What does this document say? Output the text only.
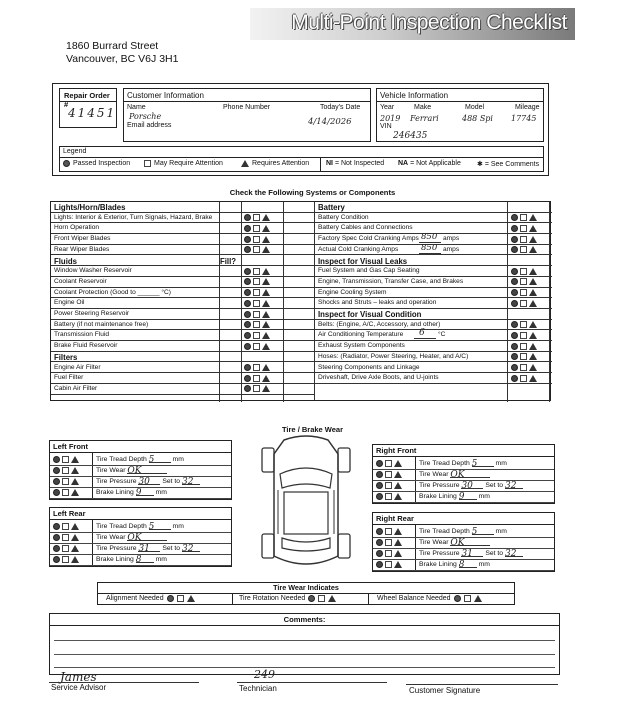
Multi-Point Inspection Checklist
1860 Burrard Street
Vancouver, BC V6J 3H1
Repair Order #
41451
Customer Information
Name
Porsche
Phone Number	Today's Date
4/14/2026
Email address
Vehicle Information
Year
2019
Make
Ferrari
Model
488 Spi
Mileage
17745
VIN
246435
Legend
Passed Inspection	May Require Attention	Requires Attention NI = Not Inspected NA = Not Applicable ✱ = See Comments
Check the Following Systems or Components
Lights/Horn/Blades
Lights: Interior & Exterior, Turn Signals, Hazard, Brake
Horn Operation
Front Wiper Blades
Rear Wiper Blades
Fluids	Fill?
Window Washer Reservoir
Coolant Reservoir
Coolant Protection (Good to ______ °C)
Engine Oil
Power Steering Reservoir
Battery (if not maintenance free)
Transmission Fluid
Brake Fluid Reservoir
Filters
Engine Air Filter
Fuel Filter
Cabin Air Filter
Battery
Battery Condition
Battery Cables and Connections
Factory Spec Cold Cranking Amps 850 amps
Actual Cold Cranking Amps	850 amps
Inspect for Visual Leaks
Fuel System and Gas Cap Seating
Engine, Transmission, Transfer Case, and Brakes
Engine Cooling System
Shocks and Struts – leaks and operation
Inspect for Visual Condition
Belts: (Engine, A/C, Accessory, and other)
Air Conditioning Temperature 6 °C
Exhaust System Components
Hoses: (Radiator, Power Steering, Heater, and A/C)
Steering Components and Linkage
Driveshaft, Drive Axle Boots, and U-joints
Tire / Brake Wear
Left Front
Tire Tread Depth 5	mm
Tire Wear OK
Tire Pressure 30 Set to 32
Brake Lining 9 mm
Right Front
Tire Tread Depth 5	mm
Tire Wear OK
Tire Pressure 30 Set to 32
Brake Lining 9 mm
Left Rear
Tire Tread Depth 5	mm
Tire Wear OK
Tire Pressure 31 Set to 32
Brake Lining 8 mm
Right Rear
Tire Tread Depth 5	mm
Tire Wear OK
Tire Pressure 31 Set to 32
Brake Lining 8 mm
Tire Wear Indicates
Alignment Needed	Tire Rotation Needed	Wheel Balance Needed
Comments:
James
Service Advisor
249
Technician	Customer Signature
